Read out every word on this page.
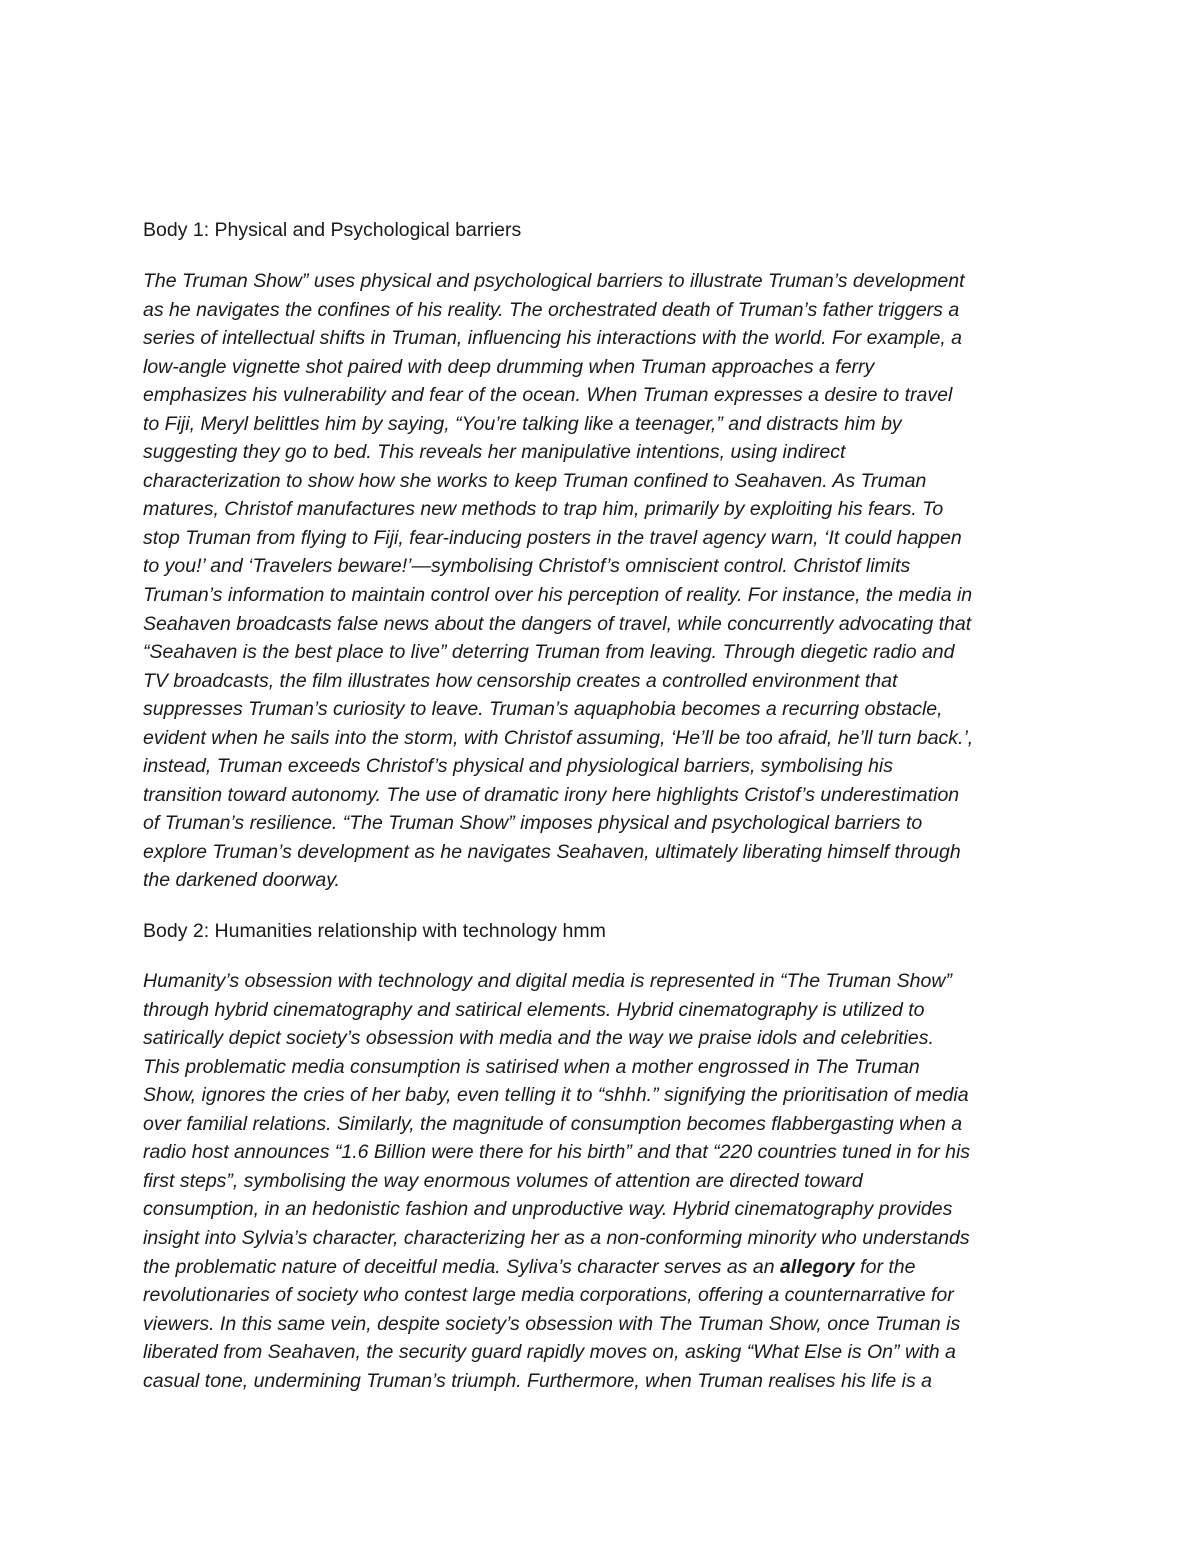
Body 1: Physical and Psychological barriers

The Truman Show” uses physical and psychological barriers to illustrate Truman’s development
as he navigates the confines of his reality. The orchestrated death of Truman’s father triggers a
series of intellectual shifts in Truman, influencing his interactions with the world. For example, a
low-angle vignette shot paired with deep drumming when Truman approaches a ferry
emphasizes his vulnerability and fear of the ocean. When Truman expresses a desire to travel
to Fiji, Meryl belittles him by saying, “You’re talking like a teenager,” and distracts him by
suggesting they go to bed. This reveals her manipulative intentions, using indirect
characterization to show how she works to keep Truman confined to Seahaven. As Truman
matures, Christof manufactures new methods to trap him, primarily by exploiting his fears. To
stop Truman from flying to Fiji, fear-inducing posters in the travel agency warn, ‘It could happen
to you!’ and ‘Travelers beware!’—symbolising Christof’s omniscient control. Christof limits
Truman’s information to maintain control over his perception of reality. For instance, the media in
Seahaven broadcasts false news about the dangers of travel, while concurrently advocating that
“Seahaven is the best place to live” deterring Truman from leaving. Through diegetic radio and
TV broadcasts, the film illustrates how censorship creates a controlled environment that
suppresses Truman’s curiosity to leave. Truman’s aquaphobia becomes a recurring obstacle,
evident when he sails into the storm, with Christof assuming, ‘He’ll be too afraid, he’ll turn back.’,
instead, Truman exceeds Christof’s physical and physiological barriers, symbolising his
transition toward autonomy. The use of dramatic irony here highlights Cristof’s underestimation
of Truman’s resilience. “The Truman Show” imposes physical and psychological barriers to
explore Truman’s development as he navigates Seahaven, ultimately liberating himself through
the darkened doorway.

Body 2: Humanities relationship with technology hmm

Humanity’s obsession with technology and digital media is represented in “The Truman Show”
through hybrid cinematography and satirical elements. Hybrid cinematography is utilized to
satirically depict society’s obsession with media and the way we praise idols and celebrities.
This problematic media consumption is satirised when a mother engrossed in The Truman
Show, ignores the cries of her baby, even telling it to “shhh.” signifying the prioritisation of media
over familial relations. Similarly, the magnitude of consumption becomes flabbergasting when a
radio host announces “1.6 Billion were there for his birth” and that “220 countries tuned in for his
first steps”, symbolising the way enormous volumes of attention are directed toward
consumption, in an hedonistic fashion and unproductive way. Hybrid cinematography provides
insight into Sylvia’s character, characterizing her as a non-conforming minority who understands
the problematic nature of deceitful media. Syliva’s character serves as an allegory for the
revolutionaries of society who contest large media corporations, offering a counternarrative for
viewers. In this same vein, despite society’s obsession with The Truman Show, once Truman is
liberated from Seahaven, the security guard rapidly moves on, asking “What Else is On” with a
casual tone, undermining Truman’s triumph. Furthermore, when Truman realises his life is a
